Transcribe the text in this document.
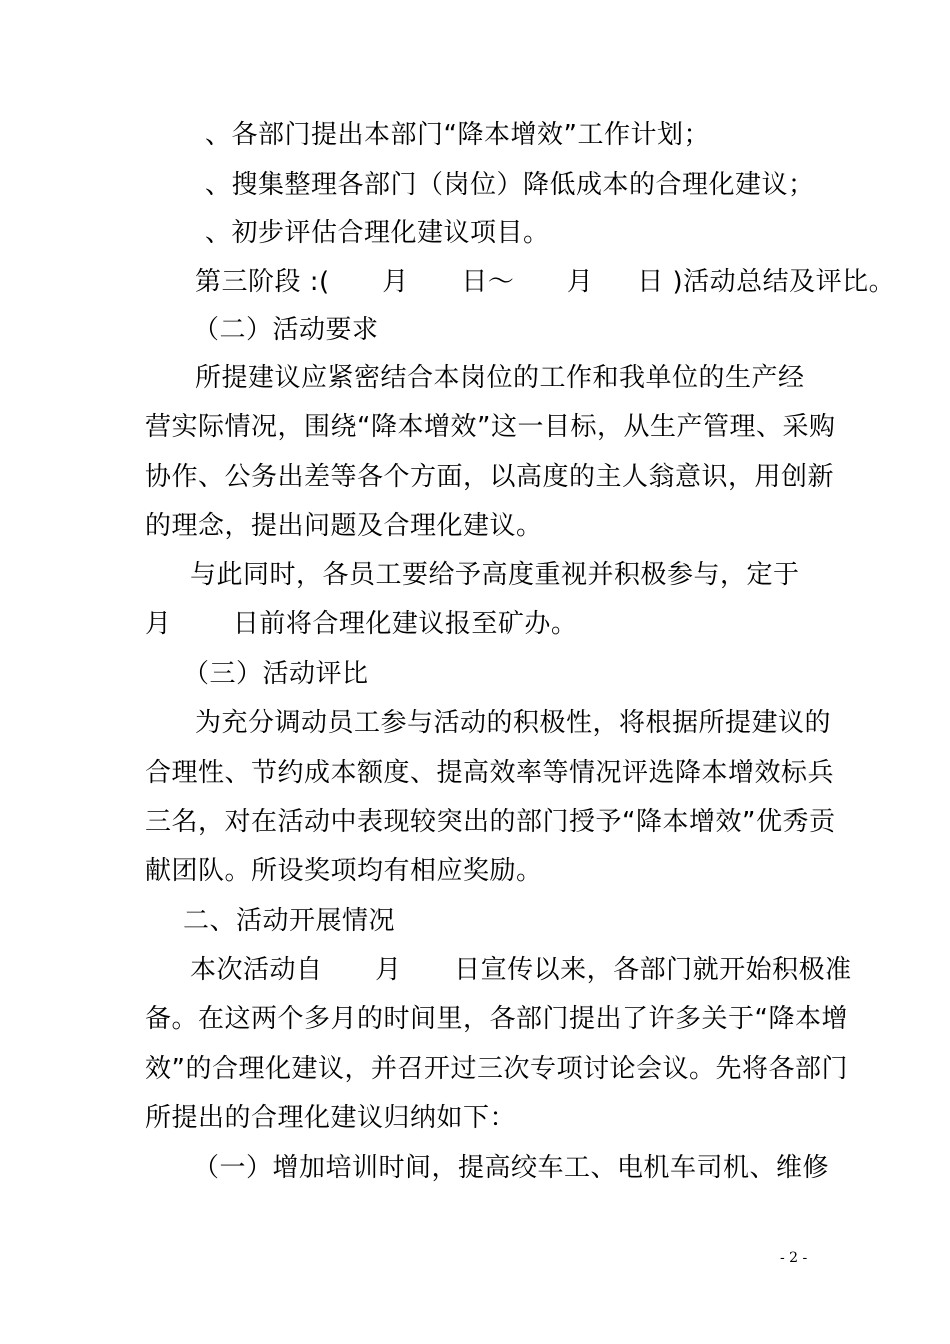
、各部门提出本部门“降本增效”工作计划；
、搜集整理各部门（岗位）降低成本的合理化建议；
、初步评估合理化建议项目。
第三阶段 :(      月      日～      月     日 )活动总结及评比。
（二）活动要求
所提建议应紧密结合本岗位的工作和我单位的生产经
营实际情况，围绕“降本增效”这一目标，从生产管理、采购
协作、公务出差等各个方面，以高度的主人翁意识，用创新
的理念，提出问题及合理化建议。
与此同时，各员工要给予高度重视并积极参与，定于
月       日前将合理化建议报至矿办。
（三）活动评比
为充分调动员工参与活动的积极性，将根据所提建议的
合理性、节约成本额度、提高效率等情况评选降本增效标兵
三名，对在活动中表现较突出的部门授予“降本增效”优秀贡
献团队。所设奖项均有相应奖励。
二、活动开展情况
本次活动自      月      日宣传以来，各部门就开始积极准
备。在这两个多月的时间里，各部门提出了许多关于“降本增
效”的合理化建议，并召开过三次专项讨论会议。先将各部门
所提出的合理化建议归纳如下：
（一）增加培训时间，提高绞车工、电机车司机、维修
- 2 -
